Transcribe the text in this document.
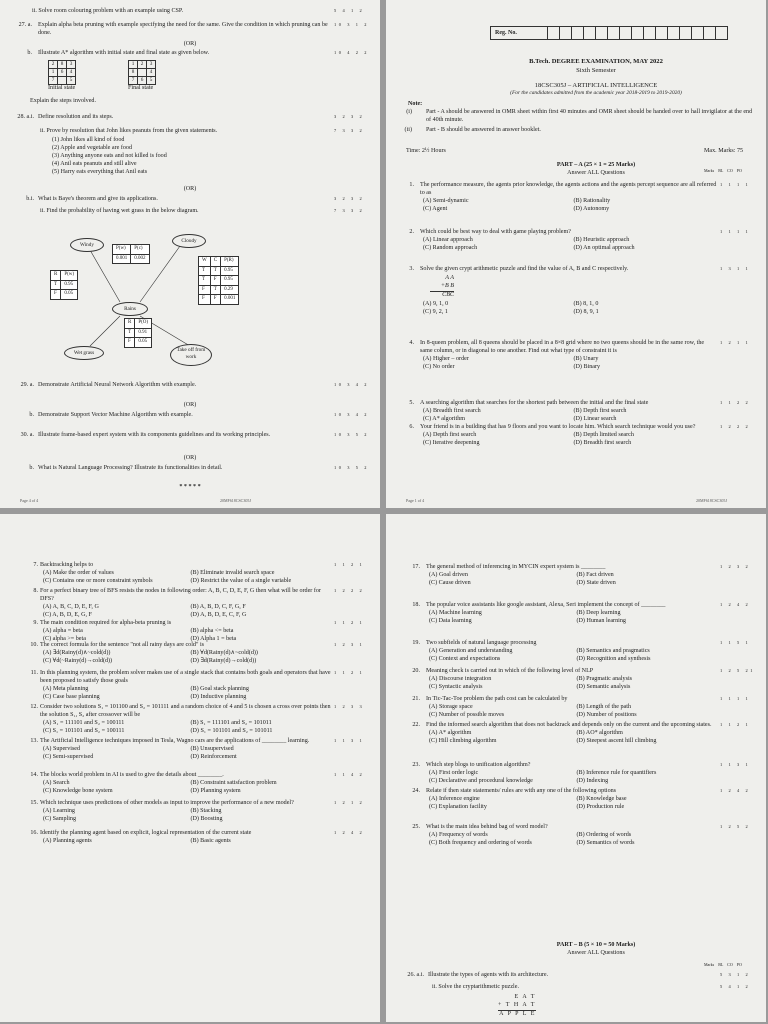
ii. Solve room colouring problem with an example using CSP.	5 4 1 2
27. a. Explain alpha beta pruning with example specifying the need for the same. Give the condition in which pruning can be done.
10 3 1 2
(OR)
b. Illustrate A* algorithm with initial state and final state as given below.	10 4 2 2
2	8	3
1	6	4
7		5
Initial state
1	2	3
8		4
7	6	5
Final state
Explain the steps involved.
28. a.i. Define resolution and its steps.	3 2 3 2
ii. Prove by resolution that John likes peanuts from the given statements.	7 3 3 2
(1) John likes all kind of food
(2) Apple and vegetable are food
(3) Anything anyone eats and not killed is food
(4) Anil eats peanuts and still alive
(5) Harry eats everything that Anil eats
(OR)
b.i. What is Baye's theorem and give its applications.	3 2 3 2
ii. Find the probability of having wet grass in the below diagram.	7 3 3 2
Windy
Cloudy
Rains
Wet grass	Take off from work
P(w)	P(c)
0.001	0.002
R	P(w)
T	0.95
F	0.05
W	C	P(R)
T	T	0.95
T	F	0.95
F	T	0.29
F	F	0.001
R	P(O)
T	0.91
F	0.05
29. a. Demonstrate Artificial Neural Network Algorithm with example.	10 3 4 2
(OR)
b. Demonstrate Support Vector Machine Algorithm with example.	10 3 4 2
30. a. Illustrate frame-based expert system with its components guidelines and its working principles.	10 3 5 2
(OR)
b. What is Natural Language Processing? Illustrate its functionalities in detail.	10 3 5 2
* * * * *
Page 4 of 4	20MF618CSC305J
Reg. No.
B.Tech. DEGREE EXAMINATION, MAY 2022
Sixth Semester
18CSC305J – ARTIFICIAL INTELLIGENCE
(For the candidates admitted from the academic year 2018-2019 to 2019-2020)
Note:
(i) Part - A should be answered in OMR sheet within first 40 minutes and OMR sheet should be handed over to hall invigilator at the end of 40th minute.
(ii) Part - B should be answered in answer booklet.
Time: 2½ Hours	Max. Marks: 75
PART – A (25 × 1 = 25 Marks)
Answer ALL Questions	Marks BL CO PO
1. The performance measure, the agents prior knowledge, the agents actions and the agents percept sequence are all referred to as

(A) Semi-dynamic	(B) Rationality
(C) Agent	(D) Autonomy
1 1 1 1
2. Which could be best way to deal with game playing problem?

(A) Linear approach	(B) Heuristic approach
(C) Random approach	(D) An optimal approach
1 1 1 1
3. Solve the given crypt arithmetic puzzle and find the value of A, B and C respectively.

A A
+B B
CBC
(A) 9, 1, 0	(B) 8, 1, 0
(C) 9, 2, 1	(D) 8, 9, 1
1 3 1 1
4. In 8-queen problem, all 8 queens should be placed in a 8×8 grid where no two queens should be in the same row, the same column, or in diagonal to one another. Find out what type of constraint it is

(A) Higher – order	(B) Unary
(C) No order	(D) Binary
1 2 1 1
5. A searching algorithm that searches for the shortest path between the initial and the final state

(A) Breadth first search	(B) Depth first search
(C) A* algorithm	(D) Linear search
1 1 2 2
6. Your friend is in a building that has 9 floors and you want to locate him. Which search technique would you use?

(A) Depth first search	(B) Depth limited search
(C) Iterative deepening	(D) Breadth first search
1 2 2 2
Page 1 of 4	20MF618CSC305J
7. Backtracking helps to

(A) Make the order of values	(B) Eliminate invalid search space
(C) Contains one or more constraint symbols	(D) Restrict the value of a single variable
1 1 2 1
8. For a perfect binary tree of BFS resists the nodes in following order: A, B, C, D, E, F, G then what will be order for DFS?

(A) A, B, C, D, E, F, G	(B) A, B, D, C, F, G, F
(C) A, B, D, E, G, F	(D) A, B, D, E, C, F, G
1 2 2 2
9. The main condition required for alpha-beta pruning is

(A) alpha = beta	(B) alpha <= beta
(C) alpha >= beta	(D) Alpha 1 = beta
1 1 2 1
10. The correct formula for the sentence "not all rainy days are cold" is

(A) ∃d(Rainy(d)∧~cold(d))	(B) ∀d(Rainy(d)∧~cold(d))
(C) ∀d(~Rainy(d)→cold(d))	(D) ∃d(Rainy(d)→cold(d))
1 2 3 1
11. In this planning system, the problem solver makes use of a single stack that contains both goals and operators that have been proposed to satisfy those goals

(A) Meta planning	(B) Goal stack planning
(C) Case base planning	(D) Inductive planning
1 1 2 1
12. Consider two solutions S₁ = 101100 and S₂ = 101111 and a random choice of 4 and 5 is chosen a cross over points then the solution S₁, S₂ after crossover will be

(A) S₁ = 111101 and S₂ = 100111	(B) S₁ = 111101 and S₂ = 101011
(C) S₁ = 101101 and S₂ = 100111	(D) S₁ = 101101 and S₂ = 101011
1 2 3 3
13. The Artificial Intelligence techniques imposed in Tesla, Wagno cars are the applications of ________ learning.

(A) Supervised	(B) Unsupervised
(C) Semi-supervised	(D) Reinforcement
1 1 3 1
14. The blocks world problem in AI is used to give the details about ________.

(A) Search	(B) Constraint satisfaction problem
(C) Knowledge bone system	(D) Planning system
1 1 4 2
15. Which technique uses predictions of other models as input to improve the performance of a new model?

(A) Learning	(B) Stacking
(C) Sampling	(D) Boosting
1 2 1 2
16. Identify the planning agent based on explicit, logical representation of the current state

(A) Planning agents	(B) Basic agents
1 2 4 2
17. The general method of inferencing in MYCIN expert system is ________

(A) Goal driven	(B) Fact driven
(C) Cause driven	(D) State driven
1 2 3 2
18. The popular voice assistants like google assistant, Alexa, Seri implement the concept of ________

(A) Machine learning	(B) Deep learning
(C) Data learning	(D) Human learning
1 2 4 2
19. Two subfields of natural language processing

(A) Generation and understanding	(B) Semantics and pragmatics
(C) Context and expectations	(D) Recognition and synthesis
1 1 5 1
20. Meaning check is carried out in which of the following level of NLP

(A) Discourse integration	(B) Pragmatic analysis
(C) Syntactic analysis	(D) Semantic analysis
1 2 5 21
21. In Tic-Tac-Toe problem the path cost can be calculated by

(A) Storage space	(B) Length of the path
(C) Number of possible moves	(D) Number of positions
1 1 1 1
22. Find the informed search algorithm that does not backtrack and depends only on the current and the upcoming states.

(A) A* algorithm	(B) AO* algorithm
(C) Hill climbing algorithm	(D) Steepest ascent hill climbing
1 1 2 1
23. Which step blogs to unification algorithm?

(A) First order logic	(B) Inference rule for quantifiers
(C) Declarative and procedural knowledge	(D) Indexing
1 1 3 1
24. Relate if then state statements/ rules are with any one of the following options

(A) Inference engine	(B) Knowledge base
(C) Explanation facility	(D) Production rule
1 2 4 2
25. What is the main idea behind bag of word model?

(A) Frequency of words	(B) Ordering of words
(C) Both frequency and ordering of words	(D) Semantics of words
1 2 5 2
PART – B (5 × 10 = 50 Marks)
Answer ALL Questions
Marks BL CO PO
26. a.i. Illustrate the types of agents with its architecture.	5 3 1 2
ii. Solve the cryptarithmetic puzzle.	5 4 1 2
E A T
+ T H A T
A P P L E
